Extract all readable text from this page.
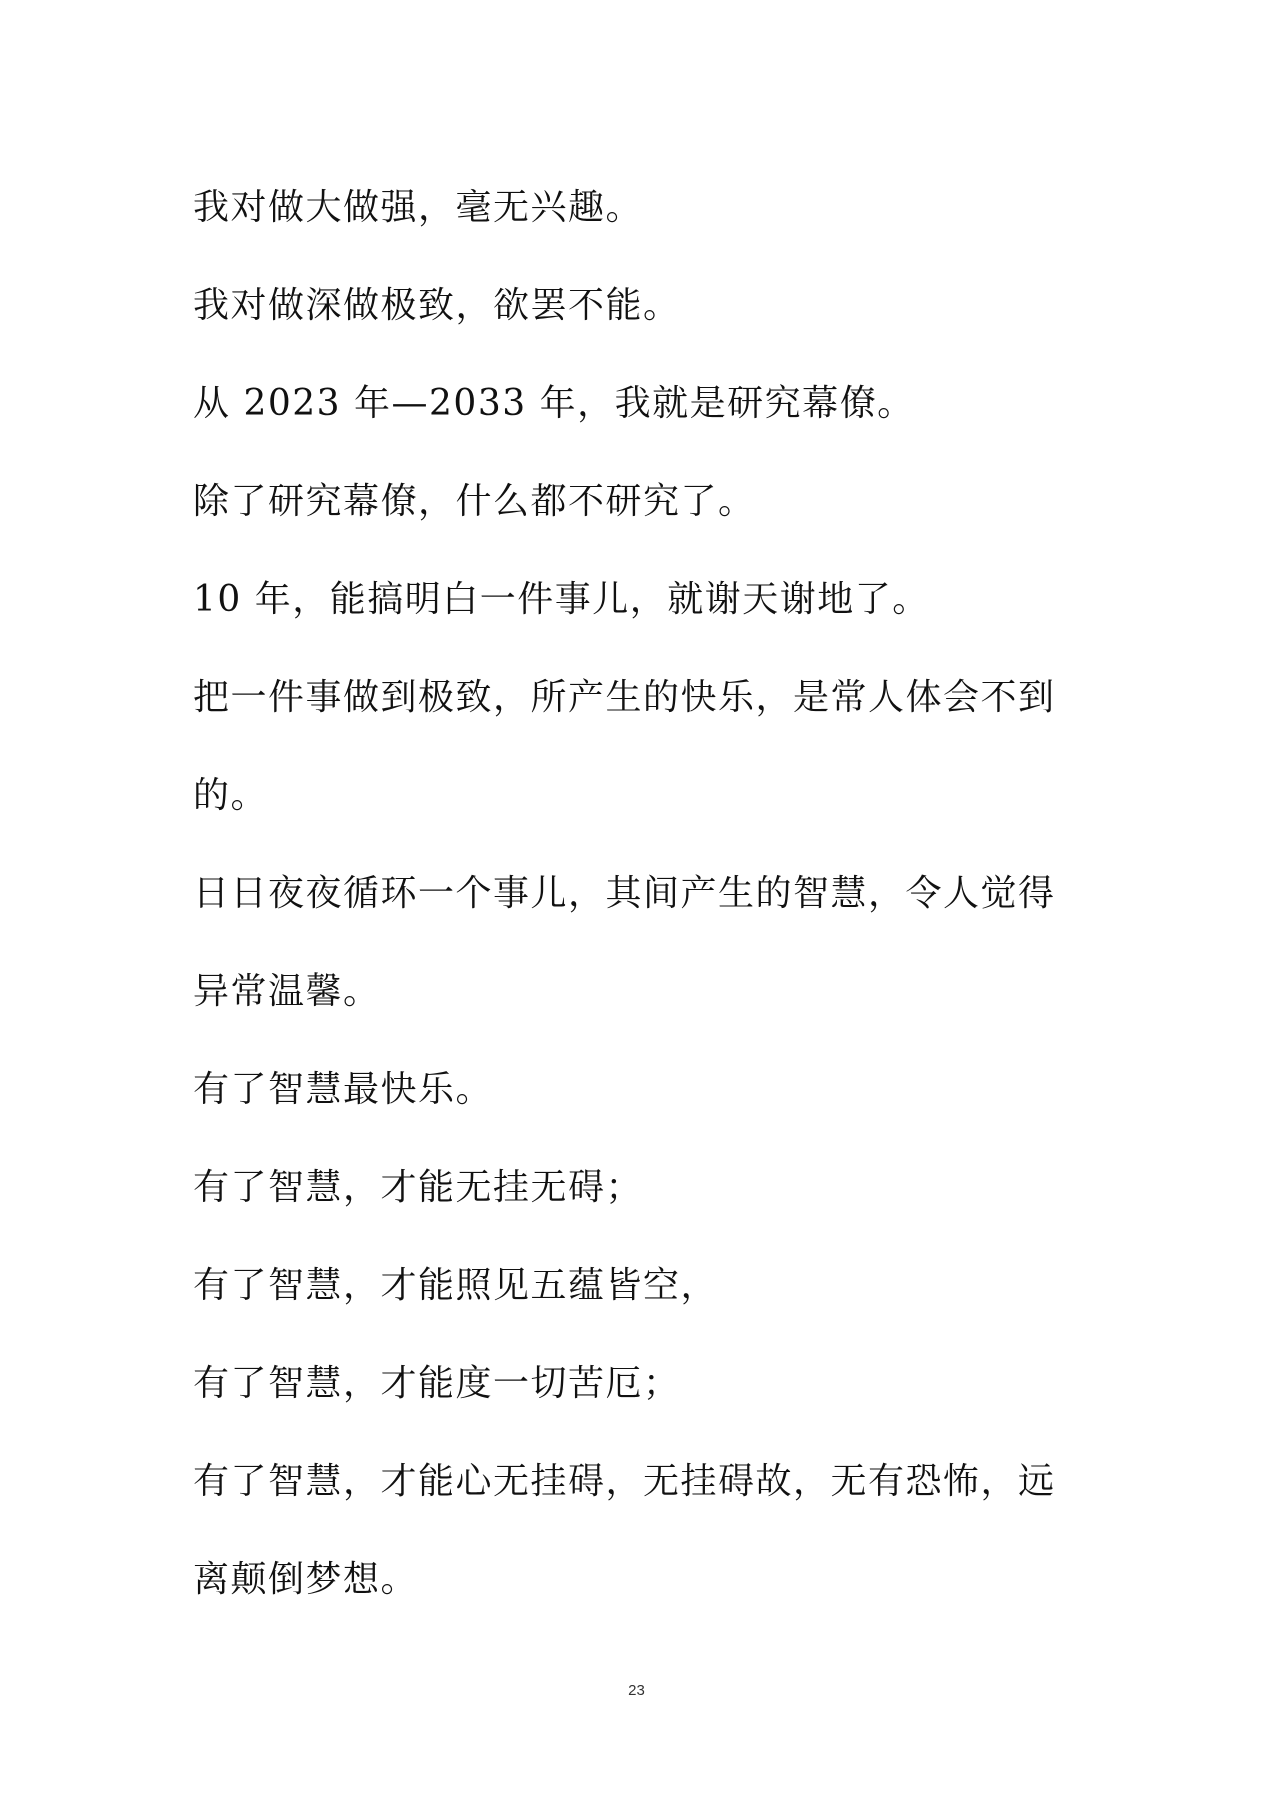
我对做大做强，毫无兴趣。
我对做深做极致，欲罢不能。
从 2023 年—2033 年，我就是研究幕僚。
除了研究幕僚，什么都不研究了。
10 年，能搞明白一件事儿，就谢天谢地了。
把一件事做到极致，所产生的快乐，是常人体会不到
的。
日日夜夜循环一个事儿，其间产生的智慧，令人觉得
异常温馨。
有了智慧最快乐。
有了智慧，才能无挂无碍；
有了智慧，才能照见五蕴皆空，
有了智慧，才能度一切苦厄；
有了智慧，才能心无挂碍，无挂碍故，无有恐怖，远
离颠倒梦想。
23
